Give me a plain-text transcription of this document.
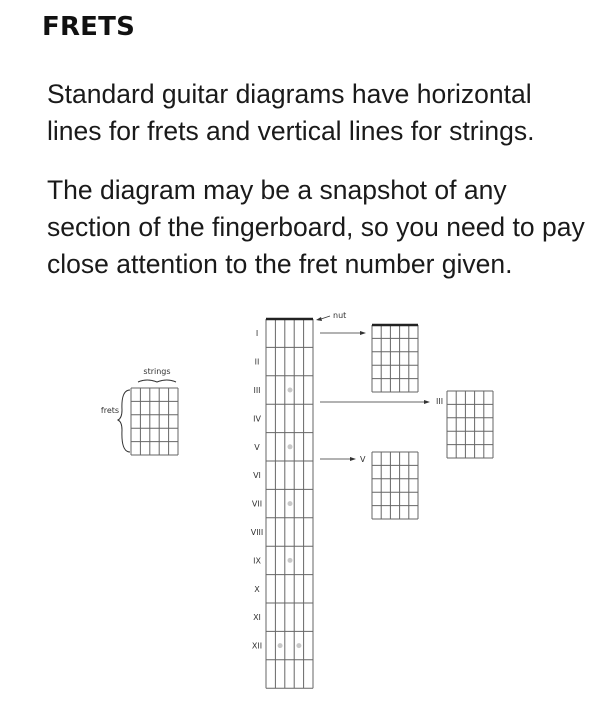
FRETS

Standard guitar diagrams have horizontal lines for frets and vertical lines for strings.

The diagram may be a snapshot of any section of the fingerboard, so you need to pay close attention to the fret number given.

strings
frets
I
II
III
IV
V
VI
VII
VIII
IX
X
XI
XII
nut
III
V
